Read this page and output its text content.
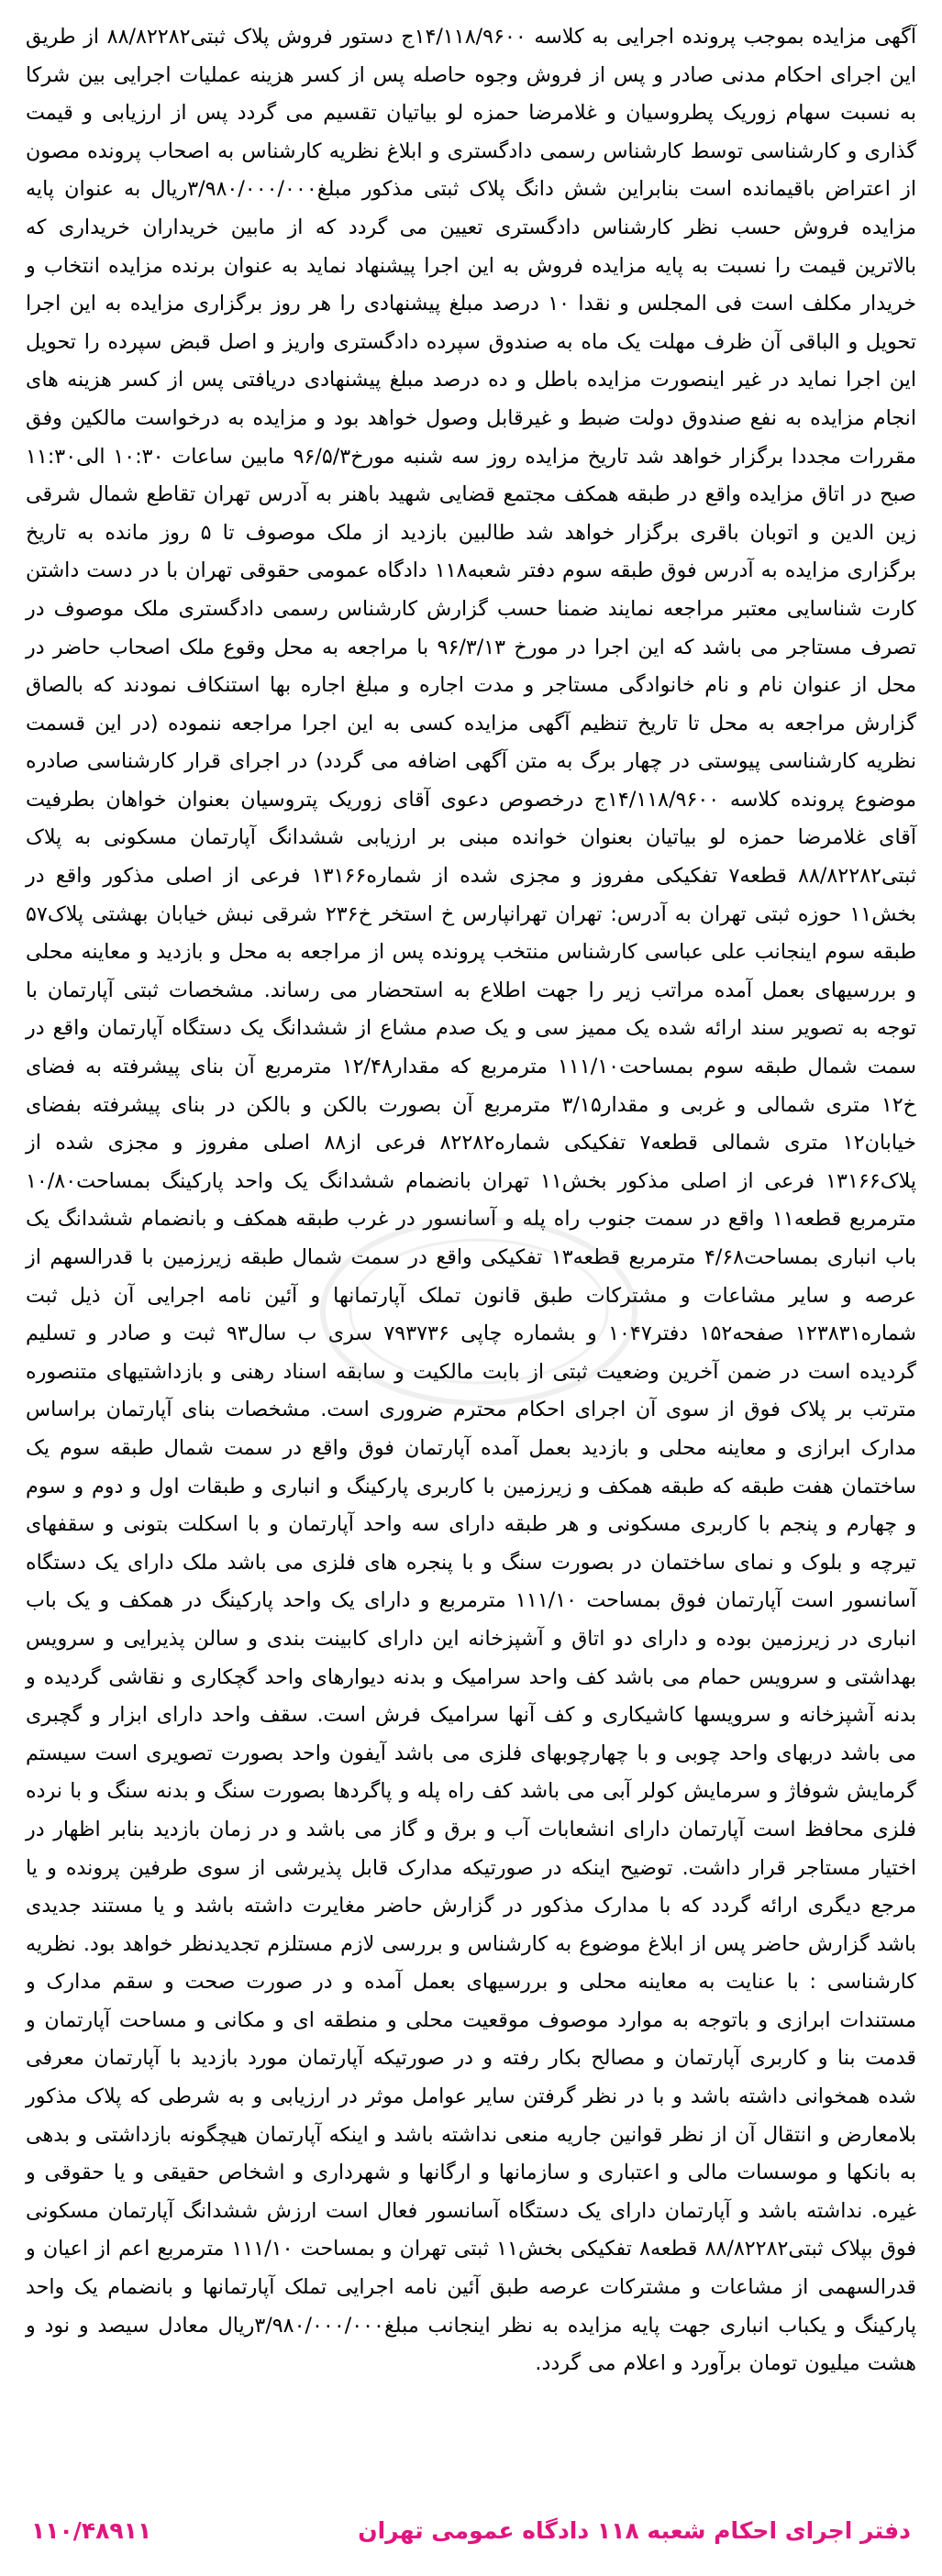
آگهی مزایده بموجب پرونده اجرایی به کلاسه ۱۴/۱۱۸/۹۶۰۰ج دستور فروش پلاک ثبتی۸۸/۸۲۲۸۲ از طریق این اجرای احکام مدنی صادر و پس از فروش وجوه حاصله پس از کسر هزینه عملیات اجرایی بین شرکا به نسبت سهام زوریک پطروسیان و غلامرضا حمزه لو بیاتیان تقسیم می گردد پس از ارزیابی و قیمت گذاری و کارشناسی توسط کارشناس رسمی دادگستری و ابلاغ نظریه کارشناس به اصحاب پرونده مصون از اعتراض باقیمانده است بنابراین شش دانگ پلاک ثبتی مذکور مبلغ۳/۹۸۰/۰۰۰/۰۰۰ریال به عنوان پایه مزایده فروش حسب نظر کارشناس دادگستری تعیین می گردد که از مابین خریداران خریداری که بالاترین قیمت را نسبت به پایه مزایده فروش به این اجرا پیشنهاد نماید به عنوان برنده مزایده انتخاب و خریدار مکلف است فی المجلس و نقدا ۱۰ درصد مبلغ پیشنهادی را هر روز برگزاری مزایده به این اجرا تحویل و الباقی آن ظرف مهلت یک ماه به صندوق سپرده دادگستری واریز و اصل قبض سپرده را تحویل این اجرا نماید در غیر اینصورت مزایده باطل و ده درصد مبلغ پیشنهادی دریافتی پس از کسر هزینه های انجام مزایده به نفع صندوق دولت ضبط و غیرقابل وصول خواهد بود و مزایده به درخواست مالکین وفق مقررات مجددا برگزار خواهد شد تاریخ مزایده روز سه شنبه مورخ۹۶/۵/۳ مابین ساعات ۱۰:۳۰ الی۱۱:۳۰ صبح در اتاق مزایده واقع در طبقه همکف مجتمع قضایی شهید باهنر به آدرس تهران تقاطع شمال شرقی زین الدین و اتوبان باقری برگزار خواهد شد طالبین بازدید از ملک موصوف تا ۵ روز مانده به تاریخ برگزاری مزایده به آدرس فوق طبقه سوم دفتر شعبه۱۱۸ دادگاه عمومی حقوقی تهران با در دست داشتن کارت شناسایی معتبر مراجعه نمایند ضمنا حسب گزارش کارشناس رسمی دادگستری ملک موصوف در تصرف مستاجر می باشد که این اجرا در مورخ ۹۶/۳/۱۳ با مراجعه به محل وقوع ملک اصحاب حاضر در محل از عنوان نام و نام خانوادگی مستاجر و مدت اجاره و مبلغ اجاره بها استنکاف نمودند که بالصاق گزارش مراجعه به محل تا تاریخ تنظیم آگهی مزایده کسی به این اجرا مراجعه ننموده (در این قسمت نظریه کارشناسی پیوستی در چهار برگ به متن آگهی اضافه می گردد) در اجرای قرار کارشناسی صادره موضوع پرونده کلاسه ۱۴/۱۱۸/۹۶۰۰ج درخصوص دعوی آقای زوریک پتروسیان بعنوان خواهان بطرفیت آقای غلامرضا حمزه لو بیاتیان بعنوان خوانده مبنی بر ارزیابی ششدانگ آپارتمان مسکونی به پلاک ثبتی۸۸/۸۲۲۸۲ قطعه۷ تفکیکی مفروز و مجزی شده از شماره۱۳۱۶۶ فرعی از اصلی مذکور واقع در بخش۱۱ حوزه ثبتی تهران به آدرس: تهران تهرانپارس خ استخر خ۲۳۶ شرقی نبش خیابان بهشتی پلاک۵۷ طبقه سوم اینجانب علی عباسی کارشناس منتخب پرونده پس از مراجعه به محل و بازدید و معاینه محلی و بررسیهای بعمل آمده مراتب زیر را جهت اطلاع به استحضار می رساند. مشخصات ثبتی آپارتمان با توجه به تصویر سند ارائه شده یک ممیز سی و یک صدم مشاع از ششدانگ یک دستگاه آپارتمان واقع در سمت شمال طبقه سوم بمساحت۱۱۱/۱۰ مترمربع که مقدار۱۲/۴۸ مترمربع آن بنای پیشرفته به فضای خ۱۲ متری شمالی و غربی و مقدار۳/۱۵ مترمربع آن بصورت بالکن و بالکن در بنای پیشرفته بفضای خیابان۱۲ متری شمالی قطعه۷ تفکیکی شماره۸۲۲۸۲ فرعی از۸۸ اصلی مفروز و مجزی شده از پلاک۱۳۱۶۶ فرعی از اصلی مذکور بخش۱۱ تهران بانضمام ششدانگ یک واحد پارکینگ بمساحت۱۰/۸۰ مترمربع قطعه۱۱ واقع در سمت جنوب راه پله و آسانسور در غرب طبقه همکف و بانضمام ششدانگ یک باب انباری بمساحت۴/۶۸ مترمربع قطعه۱۳ تفکیکی واقع در سمت شمال طبقه زیرزمین با قدرالسهم از عرصه و سایر مشاعات و مشترکات طبق قانون تملک آپارتمانها و آئین نامه اجرایی آن ذیل ثبت شماره۱۲۳۸۳۱ صفحه۱۵۲ دفتر۱۰۴۷ و بشماره چاپی ۷۹۳۷۳۶ سری ب سال۹۳ ثبت و صادر و تسلیم گردیده است در ضمن آخرین وضعیت ثبتی از بابت مالکیت و سابقه اسناد رهنی و بازداشتیهای متنصوره مترتب بر پلاک فوق از سوی آن اجرای احکام محترم ضروری است. مشخصات بنای آپارتمان براساس مدارک ابرازی و معاینه محلی و بازدید بعمل آمده آپارتمان فوق واقع در سمت شمال طبقه سوم یک ساختمان هفت طبقه که طبقه همکف و زیرزمین با کاربری پارکینگ و انباری و طبقات اول و دوم و سوم و چهارم و پنجم با کاربری مسکونی و هر طبقه دارای سه واحد آپارتمان و با اسکلت بتونی و سقفهای تیرچه و بلوک و نمای ساختمان در بصورت سنگ و با پنجره های فلزی می باشد ملک دارای یک دستگاه آسانسور است آپارتمان فوق بمساحت ۱۱۱/۱۰ مترمربع و دارای یک واحد پارکینگ در همکف و یک باب انباری در زیرزمین بوده و دارای دو اتاق و آشپزخانه این دارای کابینت بندی و سالن پذیرایی و سرویس بهداشتی و سرویس حمام می باشد کف واحد سرامیک و بدنه دیوارهای واحد گچکاری و نقاشی گردیده و بدنه آشپزخانه و سرویسها کاشیکاری و کف آنها سرامیک فرش است. سقف واحد دارای ابزار و گچبری می باشد دربهای واحد چوبی و با چهارچوبهای فلزی می باشد آیفون واحد بصورت تصویری است سیستم گرمایش شوفاژ و سرمایش کولر آبی می باشد کف راه پله و پاگردها بصورت سنگ و بدنه سنگ و با نرده فلزی محافظ است آپارتمان دارای انشعابات آب و برق و گاز می باشد و در زمان بازدید بنابر اظهار در اختیار مستاجر قرار داشت. توضیح اینکه در صورتیکه مدارک قابل پذیرشی از سوی طرفین پرونده و یا مرجع دیگری ارائه گردد که با مدارک مذکور در گزارش حاضر مغایرت داشته باشد و یا مستند جدیدی باشد گزارش حاضر پس از ابلاغ موضوع به کارشناس و بررسی لازم مستلزم تجدیدنظر خواهد بود. نظریه کارشناسی : با عنایت به معاینه محلی و بررسیهای بعمل آمده و در صورت صحت و سقم مدارک و مستندات ابرازی و باتوجه به موارد موصوف موقعیت محلی و منطقه ای و مکانی و مساحت آپارتمان و قدمت بنا و کاربری آپارتمان و مصالح بکار رفته و در صورتیکه آپارتمان مورد بازدید با آپارتمان معرفی شده همخوانی داشته باشد و با در نظر گرفتن سایر عوامل موثر در ارزیابی و به شرطی که پلاک مذکور بلامعارض و انتقال آن از نظر قوانین جاریه منعی نداشته باشد و اینکه آپارتمان هیچگونه بازداشتی و بدهی به بانکها و موسسات مالی و اعتباری و سازمانها و ارگانها و شهرداری و اشخاص حقیقی و یا حقوقی و غیره. نداشته باشد و آپارتمان دارای یک دستگاه آسانسور فعال است ارزش ششدانگ آپارتمان مسکونی فوق بپلاک ثبتی۸۸/۸۲۲۸۲ قطعه۸ تفکیکی بخش۱۱ ثبتی تهران و بمساحت ۱۱۱/۱۰ مترمربع اعم از اعیان و قدرالسهمی از مشاعات و مشترکات عرصه طبق آئین نامه اجرایی تملک آپارتمانها و بانضمام یک واحد پارکینگ و یکباب انباری جهت پایه مزایده به نظر اینجانب مبلغ۳/۹۸۰/۰۰۰/۰۰۰ریال معادل سیصد و نود و هشت میلیون تومان برآورد و اعلام می گردد.

دفتر اجرای احکام شعبه ۱۱۸ دادگاه عمومی تهران
۱۱۰/۴۸۹۱۱
